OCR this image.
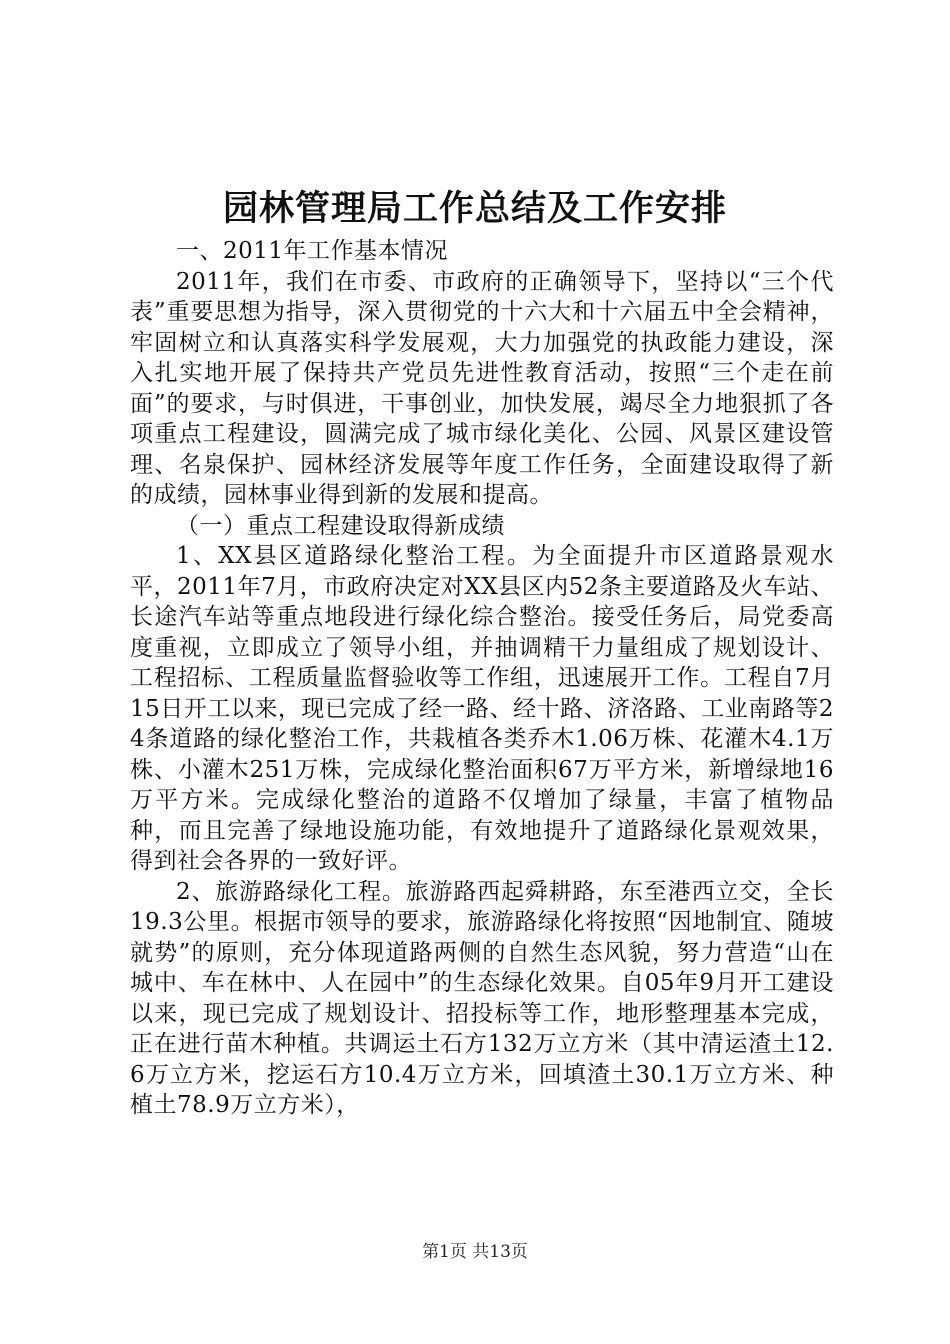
园林管理局工作总结及工作安排

一、2011年工作基本情况

2011年，我们在市委、市政府的正确领导下，坚持以“三个代表”重要思想为指导，深入贯彻党的十六大和十六届五中全会精神，牢固树立和认真落实科学发展观，大力加强党的执政能力建设，深入扎实地开展了保持共产党员先进性教育活动，按照“三个走在前面”的要求，与时俱进，干事创业，加快发展，竭尽全力地狠抓了各项重点工程建设，圆满完成了城市绿化美化、公园、风景区建设管理、名泉保护、园林经济发展等年度工作任务，全面建设取得了新的成绩，园林事业得到新的发展和提高。

（一）重点工程建设取得新成绩

1、XX县区道路绿化整治工程。为全面提升市区道路景观水平，2011年7月，市政府决定对XX县区内52条主要道路及火车站、长途汽车站等重点地段进行绿化综合整治。接受任务后，局党委高度重视，立即成立了领导小组，并抽调精干力量组成了规划设计、工程招标、工程质量监督验收等工作组，迅速展开工作。工程自7月15日开工以来，现已完成了经一路、经十路、济洛路、工业南路等24条道路的绿化整治工作，共栽植各类乔木1.06万株、花灌木4.1万株、小灌木251万株，完成绿化整治面积67万平方米，新增绿地16万平方米。完成绿化整治的道路不仅增加了绿量，丰富了植物品种，而且完善了绿地设施功能，有效地提升了道路绿化景观效果，得到社会各界的一致好评。

2、旅游路绿化工程。旅游路西起舜耕路，东至港西立交，全长19.3公里。根据市领导的要求，旅游路绿化将按照“因地制宜、随坡就势”的原则，充分体现道路两侧的自然生态风貌，努力营造“山在城中、车在林中、人在园中”的生态绿化效果。自05年9月开工建设以来，现已完成了规划设计、招投标等工作，地形整理基本完成，正在进行苗木种植。共调运土石方132万立方米（其中清运渣土12.6万立方米，挖运石方10.4万立方米，回填渣土30.1万立方米、种植土78.9万立方米），

第1页 共13页
